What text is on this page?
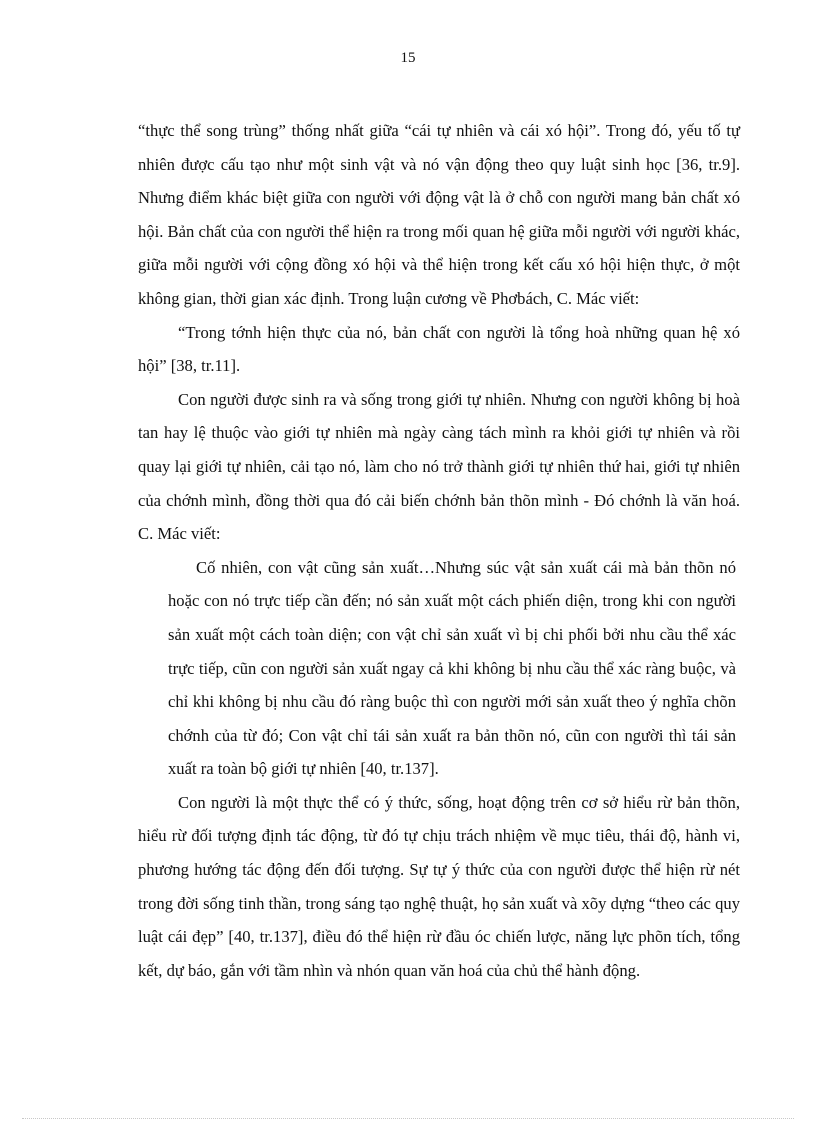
15

“thực thể song trùng” thống nhất giữa “cái tự nhiên và cái xó hội”. Trong đó, yếu tố tự nhiên được cấu tạo như một sinh vật và nó vận động theo quy luật sinh học [36, tr.9]. Nhưng điểm khác biệt giữa con người với động vật là ở chỗ con người mang bản chất xó hội. Bản chất của con người thể hiện ra trong mối quan hệ giữa mỗi người với người khác, giữa mỗi người với cộng đồng xó hội và thể hiện trong kết cấu xó hội hiện thực, ở một không gian, thời gian xác định. Trong luận cương về Phơbách, C. Mác viết:

“Trong tớnh hiện thực của nó, bản chất con người là tổng hoà những quan hệ xó hội” [38, tr.11].

Con người được sinh ra và sống trong giới tự nhiên. Nhưng con người không bị hoà tan hay lệ thuộc vào giới tự nhiên mà ngày càng tách mình ra khỏi giới tự nhiên và rồi quay lại giới tự nhiên, cải tạo nó, làm cho nó trở thành giới tự nhiên thứ hai, giới tự nhiên của chớnh mình, đồng thời qua đó cải biến chớnh bản thõn mình - Đó chớnh là văn hoá. C. Mác viết:

Cố nhiên, con vật cũng sản xuất…Nhưng súc vật sản xuất cái mà bản thõn nó hoặc con nó trực tiếp cần đến; nó sản xuất một cách phiến diện, trong khi con người sản xuất một cách toàn diện; con vật chỉ sản xuất vì bị chi phối bởi nhu cầu thể xác trực tiếp, cũn con người sản xuất ngay cả khi không bị nhu cầu thể xác ràng buộc, và chỉ khi không bị nhu cầu đó ràng buộc thì con người mới sản xuất theo ý nghĩa chõn chớnh của từ đó; Con vật chỉ tái sản xuất ra bản thõn nó, cũn con người thì tái sản xuất ra toàn bộ giới tự nhiên [40, tr.137].

Con người là một thực thể có ý thức, sống, hoạt động trên cơ sở hiểu rừ bản thõn, hiểu rừ đối tượng định tác động, từ đó tự chịu trách nhiệm về mục tiêu, thái độ, hành vi, phương hướng tác động đến đối tượng. Sự tự ý thức của con người được thể hiện rừ nét trong đời sống tinh thần, trong sáng tạo nghệ thuật, họ sản xuất và xõy dựng “theo các quy luật cái đẹp” [40, tr.137], điều đó thể hiện rừ đầu óc chiến lược, năng lực phõn tích, tổng kết, dự báo, gắn với tầm nhìn và nhón quan văn hoá của chủ thể hành động.
